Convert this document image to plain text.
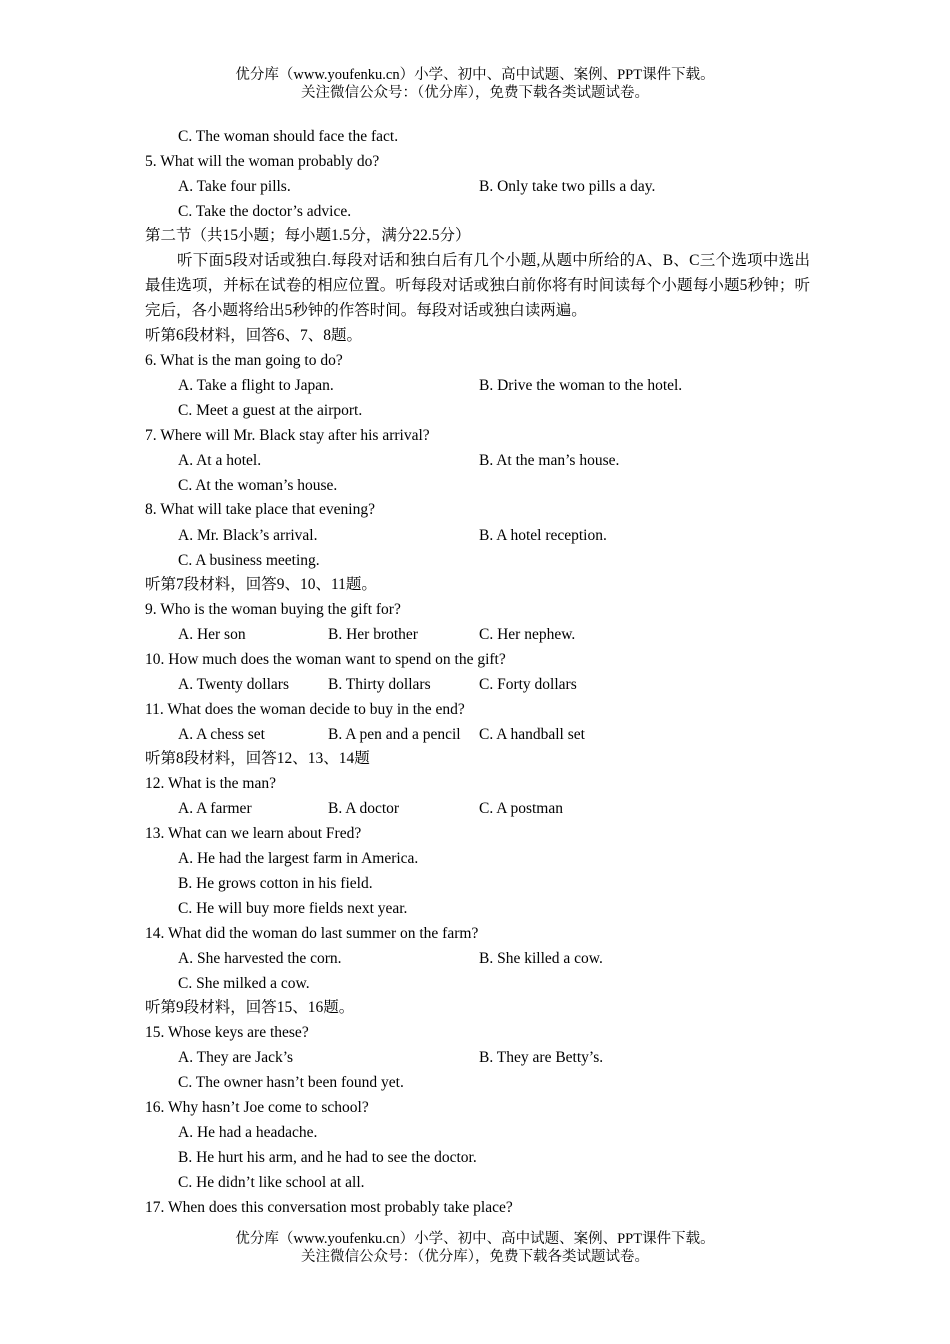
优分库（www.youfenku.cn）小学、初中、高中试题、案例、PPT课件下载。
关注微信公众号：（优分库），免费下载各类试题试卷。
C. The woman should face the fact.
5. What will the woman probably do?
A. Take four pills.	B. Only take two pills a day.
C. Take the doctor’s advice.
第二节（共15小题；每小题1.5分，满分22.5分）
听下面5段对话或独白.每段对话和独白后有几个小题,从题中所给的A、B、C三个选项中选出最佳选项，并标在试卷的相应位置。听每段对话或独白前你将有时间读每个小题每小题5秒钟；听完后，各小题将给出5秒钟的作答时间。每段对话或独白读两遍。
听第6段材料，回答6、7、8题。
6. What is the man going to do?
A. Take a flight to Japan.	B. Drive the woman to the hotel.
C. Meet a guest at the airport.
7. Where will Mr. Black stay after his arrival?
A. At a hotel.	B. At the man’s house.
C. At the woman’s house.
8. What will take place that evening?
A. Mr. Black’s arrival.	B. A hotel reception.
C. A business meeting.
听第7段材料，回答9、10、11题。
9. Who is the woman buying the gift for?
A. Her son	B. Her brother	C. Her nephew.
10. How much does the woman want to spend on the gift?
A. Twenty dollars	B. Thirty dollars	C. Forty dollars
11. What does the woman decide to buy in the end?
A. A chess set	B. A pen and a pencil C. A handball set
听第8段材料，回答12、13、14题
12. What is the man?
A. A farmer	B. A doctor	C. A postman
13. What can we learn about Fred?
A. He had the largest farm in America.
B. He grows cotton in his field.
C. He will buy more fields next year.
14. What did the woman do last summer on the farm?
A. She harvested the corn.	B. She killed a cow.
C. She milked a cow.
听第9段材料，回答15、16题。
15. Whose keys are these?
A. They are Jack’s	B. They are Betty’s.
C. The owner hasn’t been found yet.
16. Why hasn’t Joe come to school?
A. He had a headache.
B. He hurt his arm, and he had to see the doctor.
C. He didn’t like school at all.
17. When does this conversation most probably take place?
优分库（www.youfenku.cn）小学、初中、高中试题、案例、PPT课件下载。
关注微信公众号：（优分库），免费下载各类试题试卷。
